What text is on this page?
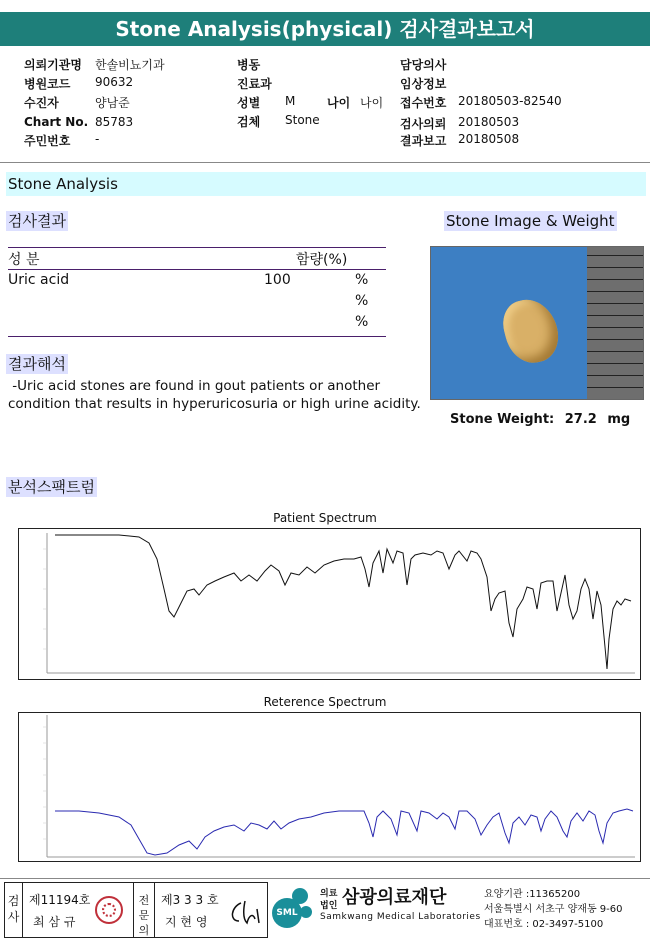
Stone Analysis(physical) 검사결과보고서
의뢰기관명 한솔비뇨기과
병원코드 90632
수진자	양남준
Chart No. 85783
주민번호 -
병동
진료과
성별 M	나이 나이
검체 Stone
담당의사
임상정보
접수번호 20180503-82540
검사의뢰 20180503
결과보고 20180508
Stone Analysis
검사결과	Stone Image & Weight
성 분	함량(%)
Uric acid	100	%
%
%
결과해석
-Uric acid stones are found in gout patients or another
condition that results in hyperuricosuria or high urine acidity.
Stone Weight: 27.2 mg
분석스팩트럼
Patient Spectrum
Reterence Spectrum
검
사
제11194호
최 삼 규
전
문의
제3 3 3 호
지 현 영
SML
의료
법인 삼광의료재단
Samkwang Medical Laboratories
요양기관 :11365200
서울특별시 서초구 양재동 9-60
대표번호 : 02-3497-5100
